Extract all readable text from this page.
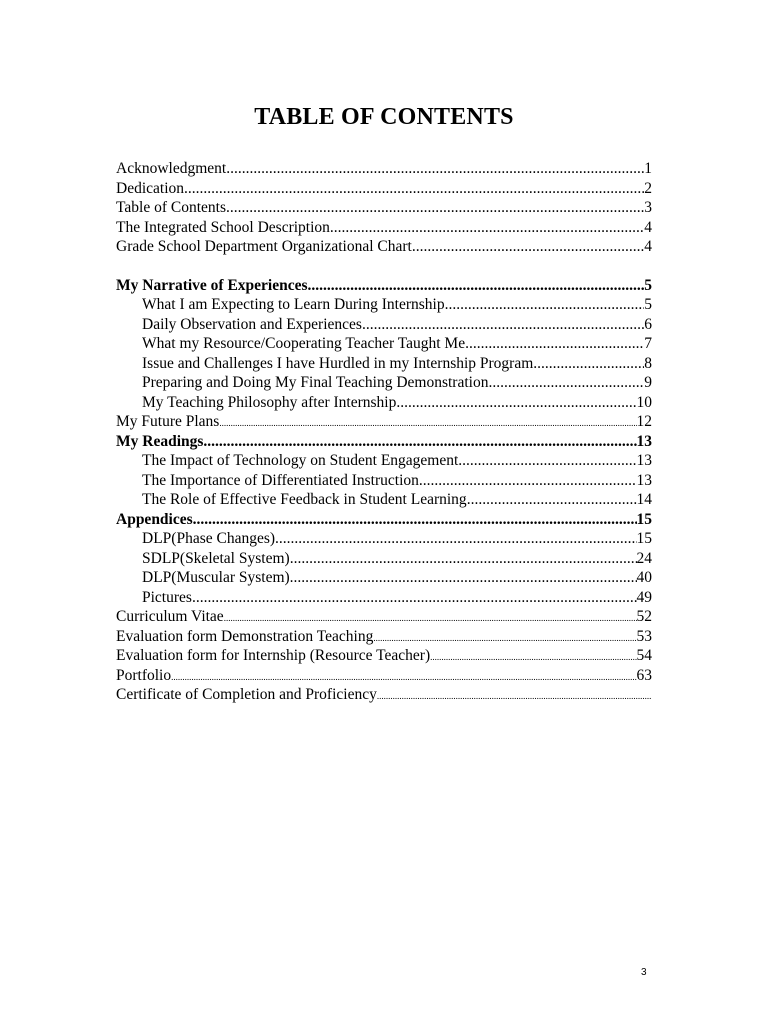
TABLE OF CONTENTS
Acknowledgment .....	1
Dedication .....	2
Table of Contents .....	3
The Integrated School Description .....	4
Grade School Department Organizational Chart .....	4
My Narrative of Experiences .....	5
What I am Expecting to Learn During Internship .....	5
Daily Observation and Experiences .....	6
What my Resource/Cooperating Teacher Taught Me .....	7
Issue and Challenges I have Hurdled in my Internship Program .....	8
Preparing and Doing My Final Teaching Demonstration .....	9
My Teaching Philosophy after Internship .....	10
My Future Plans .....	12
My Readings .....	13
The Impact of Technology on Student Engagement .....	13
The Importance of Differentiated Instruction .....	13
The Role of Effective Feedback in Student Learning .....	14
Appendices .....	15
DLP(Phase Changes) .....	15
SDLP(Skeletal System) .....	24
DLP(Muscular System) .....	40
Pictures .....	49
Curriculum Vitae .....	52
Evaluation form Demonstration Teaching .....	53
Evaluation form for Internship (Resource Teacher) .....	54
Portfolio .....	63
Certificate of Completion and Proficiency
.....
3
